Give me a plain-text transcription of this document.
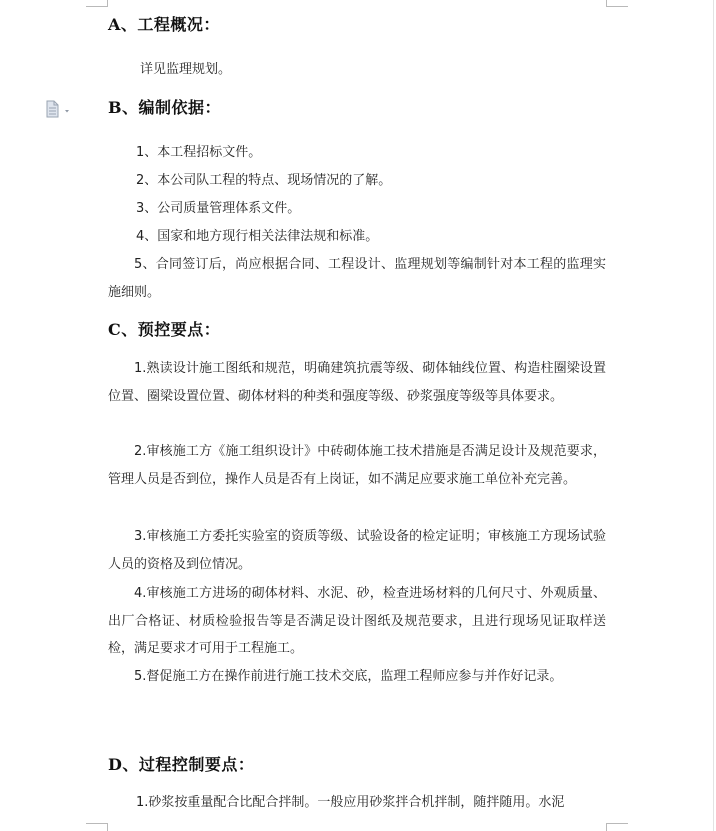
A、工程概况：
详见监理规划。
B、编制依据：
1、本工程招标文件。
2、本公司队工程的特点、现场情况的了解。
3、公司质量管理体系文件。
4、国家和地方现行相关法律法规和标准。
5、合同签订后，尚应根据合同、工程设计、监理规划等编制针对本工程的监理实施细则。
C、预控要点：
1.熟读设计施工图纸和规范，明确建筑抗震等级、砌体轴线位置、构造柱圈梁设置位置、圈梁设置位置、砌体材料的种类和强度等级、砂浆强度等级等具体要求。
2.审核施工方《施工组织设计》中砖砌体施工技术措施是否满足设计及规范要求，管理人员是否到位，操作人员是否有上岗证，如不满足应要求施工单位补充完善。
3.审核施工方委托实验室的资质等级、试验设备的检定证明；审核施工方现场试验人员的资格及到位情况。
4.审核施工方进场的砌体材料、水泥、砂，检查进场材料的几何尺寸、外观质量、出厂合格证、材质检验报告等是否满足设计图纸及规范要求，且进行现场见证取样送检，满足要求才可用于工程施工。
5.督促施工方在操作前进行施工技术交底，监理工程师应参与并作好记录。
D、过程控制要点：
1.砂浆按重量配合比配合拌制。一般应用砂浆拌合机拌制，随拌随用。水泥
